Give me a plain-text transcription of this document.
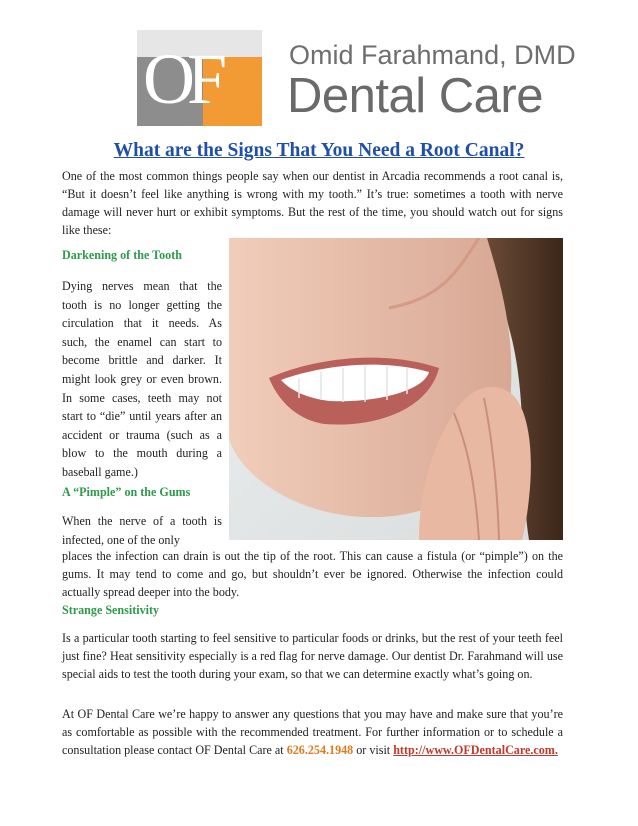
OF	Omid Farahmand, DMD
Dental Care
What are the Signs That You Need a Root Canal?

One of the most common things people say when our dentist in Arcadia recommends a root canal is, “But it doesn’t feel like anything is wrong with my tooth.” It’s true: sometimes a tooth with nerve damage will never hurt or exhibit symptoms. But the rest of the time, you should watch out for signs like these:

Darkening of the Tooth

Dying nerves mean that the tooth is no longer getting the circulation that it needs. As such, the enamel can start to become brittle and darker. It might look grey or even brown. In some cases, teeth may not start to “die” until years after an accident or trauma (such as a blow to the mouth during a baseball game.)

A “Pimple” on the Gums

When the nerve of a tooth is infected, one of the only

places the infection can drain is out the tip of the root. This can cause a fistula (or “pimple”) on the gums. It may tend to come and go, but shouldn’t ever be ignored. Otherwise the infection could actually spread deeper into the body.

Strange Sensitivity

Is a particular tooth starting to feel sensitive to particular foods or drinks, but the rest of your teeth feel just fine? Heat sensitivity especially is a red flag for nerve damage. Our dentist Dr. Farahmand will use special aids to test the tooth during your exam, so that we can determine exactly what’s going on.

At OF Dental Care we’re happy to answer any questions that you may have and make sure that you’re as comfortable as possible with the recommended treatment. For further information or to schedule a consultation please contact OF Dental Care at 626.254.1948 or visit http://www.OFDentalCare.com.
